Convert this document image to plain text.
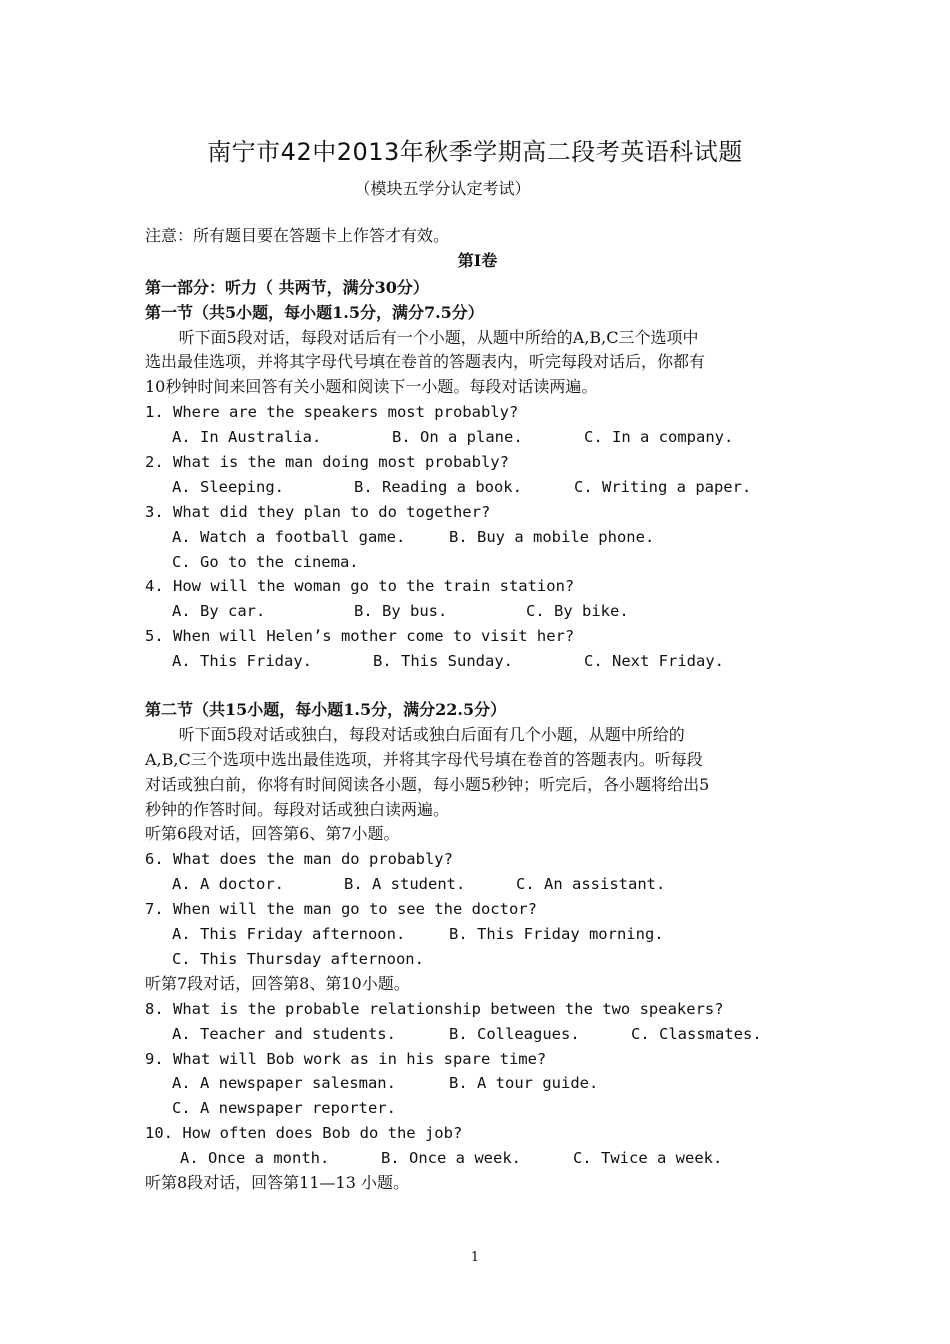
南宁市42中2013年秋季学期高二段考英语科试题
（模块五学分认定考试）
注意：所有题目要在答题卡上作答才有效。
第Ⅰ卷
第一部分：听力（ 共两节，满分30分）
第一节（共5小题，每小题1.5分，满分7.5分）
听下面5段对话，每段对话后有一个小题，从题中所给的A,B,C三个选项中
选出最佳选项，并将其字母代号填在卷首的答题表内，听完每段对话后，你都有
10秒钟时间来回答有关小题和阅读下一小题。每段对话读两遍。
1. Where are the speakers most probably?
A. In Australia.	B. On a plane.	C. In a company.
2. What is the man doing most probably?
A. Sleeping.	B. Reading a book.	C. Writing a paper.
3. What did they plan to do together?
A. Watch a football game.	B. Buy a mobile phone.
C. Go to the cinema.
4. How will the woman go to the train station?
A. By car.	B. By bus.	C. By bike.
5. When will Helen’s mother come to visit her?
A. This Friday.	B. This Sunday.	C. Next Friday.
第二节（共15小题，每小题1.5分，满分22.5分）
听下面5段对话或独白，每段对话或独白后面有几个小题，从题中所给的
A,B,C三个选项中选出最佳选项，并将其字母代号填在卷首的答题表内。听每段
对话或独白前，你将有时间阅读各小题，每小题5秒钟；听完后，各小题将给出5
秒钟的作答时间。每段对话或独白读两遍。
听第6段对话，回答第6、第7小题。
6. What does the man do probably?
A. A doctor.	B. A student.	C. An assistant.
7. When will the man go to see the doctor?
A. This Friday afternoon.	B. This Friday morning.
C. This Thursday afternoon.
听第7段对话，回答第8、第10小题。
8. What is the probable relationship between the two speakers?
A. Teacher and students.	B. Colleagues.	C. Classmates.
9. What will Bob work as in his spare time?
A. A newspaper salesman.	B. A tour guide.
C. A newspaper reporter.
10. How often does Bob do the job?
A. Once a month.	B. Once a week.	C. Twice a week.
听第8段对话，回答第11—13 小题。
1
